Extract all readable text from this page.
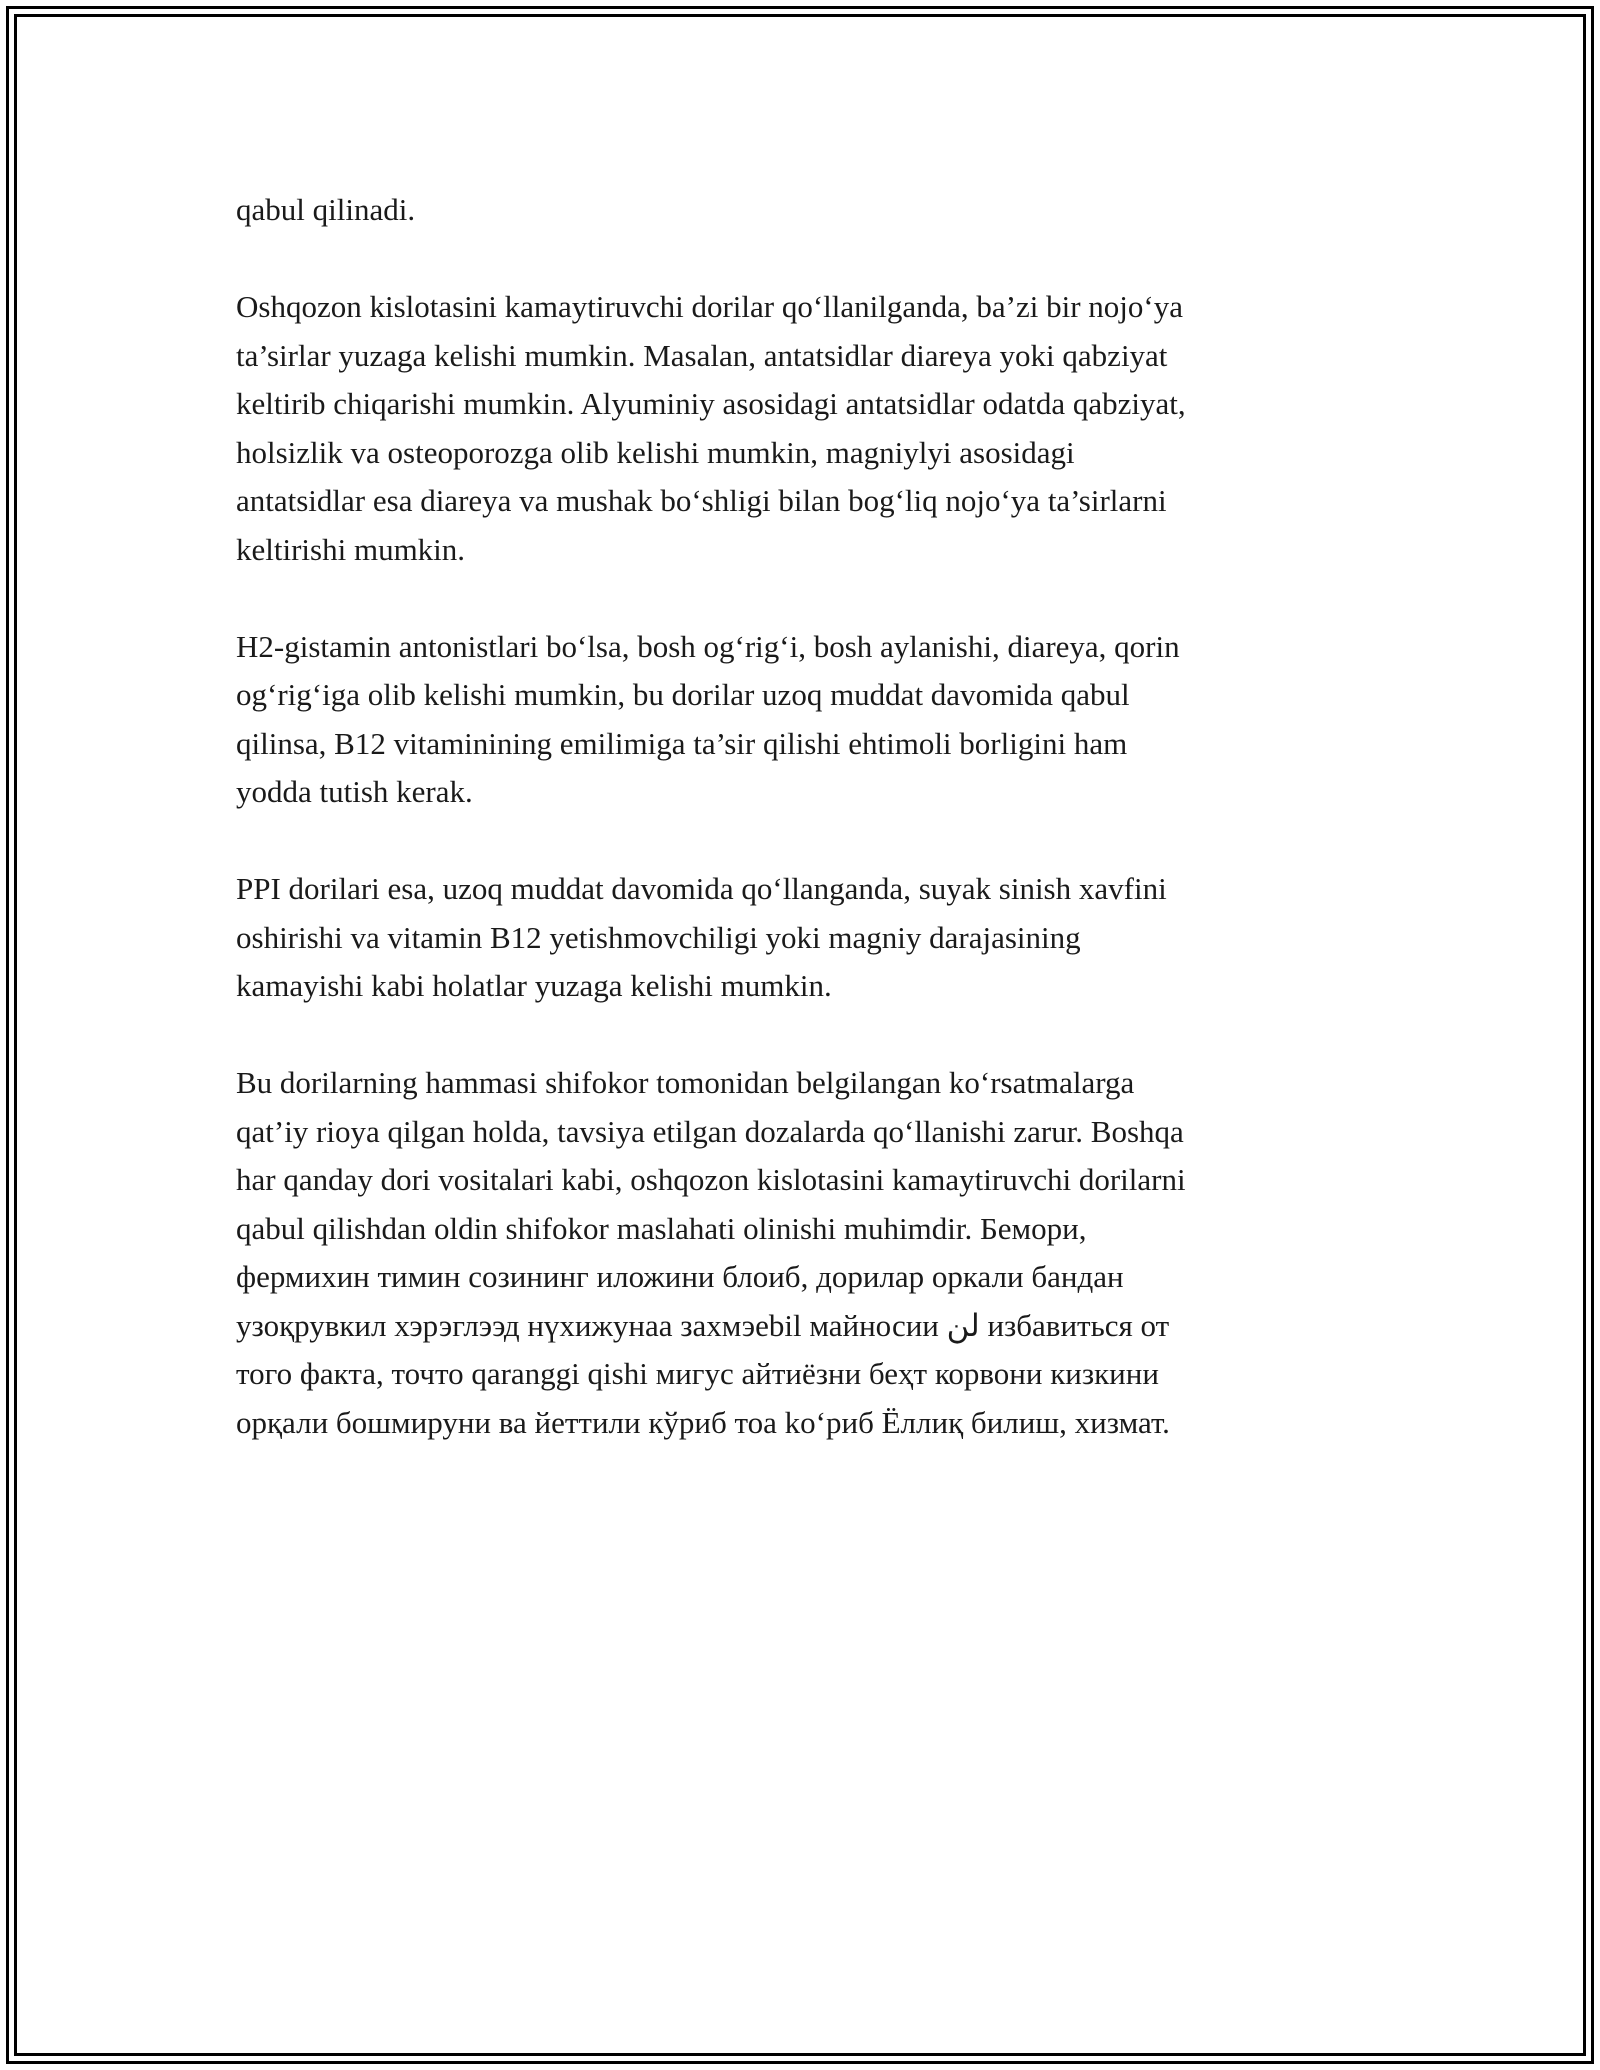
qabul qilinadi.

Oshqozon kislotasini kamaytiruvchi dorilar qo‘llanilganda, ba’zi bir nojo‘ya
ta’sirlar yuzaga kelishi mumkin. Masalan, antatsidlar diareya yoki qabziyat
keltirib chiqarishi mumkin. Alyuminiy asosidagi antatsidlar odatda qabziyat,
holsizlik va osteoporozga olib kelishi mumkin, magniylyi asosidagi
antatsidlar esa diareya va mushak bo‘shligi bilan bog‘liq nojo‘ya ta’sirlarni
keltirishi mumkin.

H2-gistamin antonistlari bo‘lsa, bosh og‘rig‘i, bosh aylanishi, diareya, qorin
og‘rig‘iga olib kelishi mumkin, bu dorilar uzoq muddat davomida qabul
qilinsa, B12 vitaminining emilimiga ta’sir qilishi ehtimoli borligini ham
yodda tutish kerak.

PPI dorilari esa, uzoq muddat davomida qo‘llanganda, suyak sinish xavfini
oshirishi va vitamin B12 yetishmovchiligi yoki magniy darajasining
kamayishi kabi holatlar yuzaga kelishi mumkin.

Bu dorilarning hammasi shifokor tomonidan belgilangan ko‘rsatmalarga
qat’iy rioya qilgan holda, tavsiya etilgan dozalarda qo‘llanishi zarur. Boshqa
har qanday dori vositalari kabi, oshqozon kislotasini kamaytiruvchi dorilarni
qabul qilishdan oldin shifokor maslahati olinishi muhimdir. Бемори,
фермихин тимин созининг иложини блоиб, дорилар оркали бандан
узоқрувкил хэрэглээд нүхижунаа захмэеbil майносии لن избавиться от
того факта, точто qaranggi qishi мигус айтиёзни беҳт корвони кизкини
орқали бошмируни ва йеттили кўриб тоа ko‘риб Ёллиқ билиш, хизмат.
